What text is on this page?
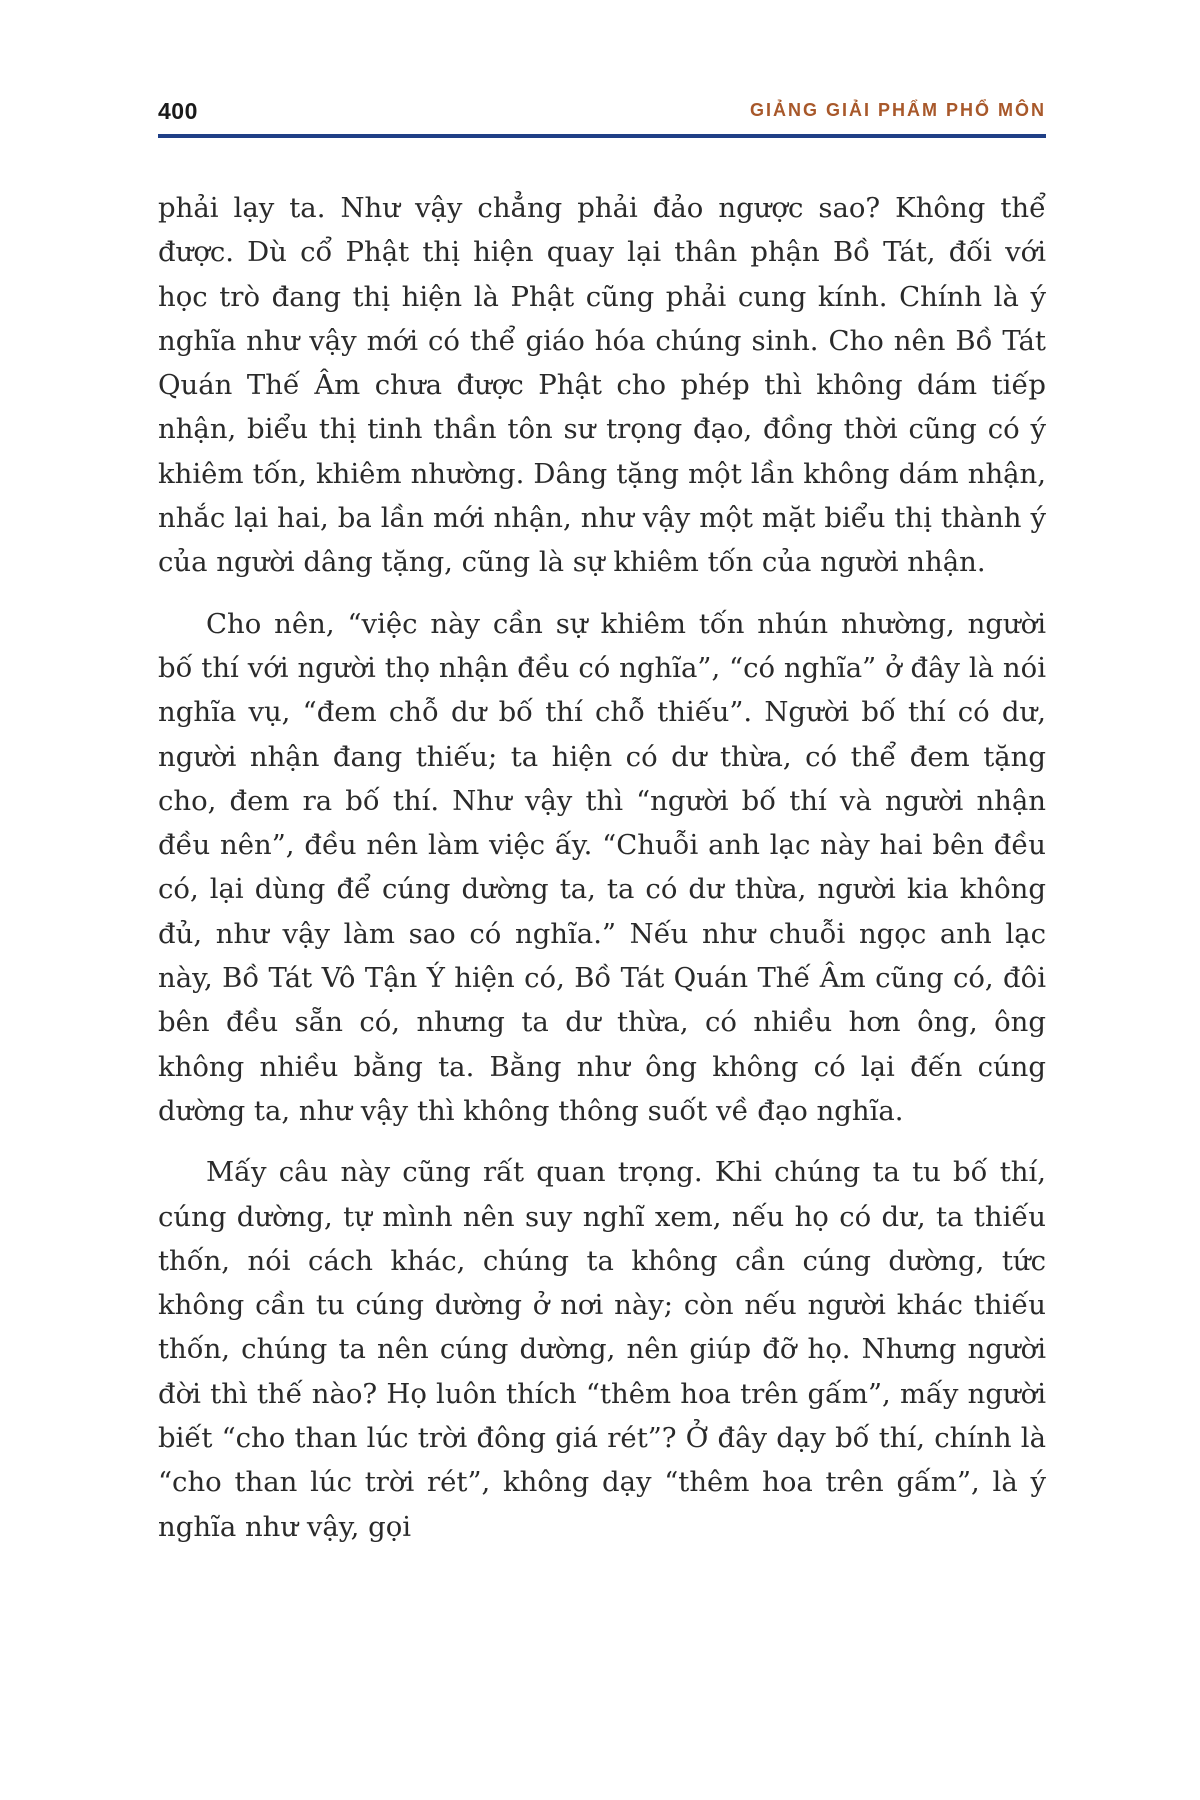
400	GIẢNG GIẢI PHẨM PHỔ MÔN

phải lạy ta. Như vậy chẳng phải đảo ngược sao? Không thể được. Dù cổ Phật thị hiện quay lại thân phận Bồ Tát, đối với học trò đang thị hiện là Phật cũng phải cung kính. Chính là ý nghĩa như vậy mới có thể giáo hóa chúng sinh. Cho nên Bồ Tát Quán Thế Âm chưa được Phật cho phép thì không dám tiếp nhận, biểu thị tinh thần tôn sư trọng đạo, đồng thời cũng có ý khiêm tốn, khiêm nhường. Dâng tặng một lần không dám nhận, nhắc lại hai, ba lần mới nhận, như vậy một mặt biểu thị thành ý của người dâng tặng, cũng là sự khiêm tốn của người nhận.

Cho nên, “việc này cần sự khiêm tốn nhún nhường, người bố thí với người thọ nhận đều có nghĩa”, “có nghĩa” ở đây là nói nghĩa vụ, “đem chỗ dư bố thí chỗ thiếu”. Người bố thí có dư, người nhận đang thiếu; ta hiện có dư thừa, có thể đem tặng cho, đem ra bố thí. Như vậy thì “người bố thí và người nhận đều nên”, đều nên làm việc ấy. “Chuỗi anh lạc này hai bên đều có, lại dùng để cúng dường ta, ta có dư thừa, người kia không đủ, như vậy làm sao có nghĩa.” Nếu như chuỗi ngọc anh lạc này, Bồ Tát Vô Tận Ý hiện có, Bồ Tát Quán Thế Âm cũng có, đôi bên đều sẵn có, nhưng ta dư thừa, có nhiều hơn ông, ông không nhiều bằng ta. Bằng như ông không có lại đến cúng dường ta, như vậy thì không thông suốt về đạo nghĩa.

Mấy câu này cũng rất quan trọng. Khi chúng ta tu bố thí, cúng dường, tự mình nên suy nghĩ xem, nếu họ có dư, ta thiếu thốn, nói cách khác, chúng ta không cần cúng dường, tức không cần tu cúng dường ở nơi này; còn nếu người khác thiếu thốn, chúng ta nên cúng dường, nên giúp đỡ họ. Nhưng người đời thì thế nào? Họ luôn thích “thêm hoa trên gấm”, mấy người biết “cho than lúc trời đông giá rét”? Ở đây dạy bố thí, chính là “cho than lúc trời rét”, không dạy “thêm hoa trên gấm”, là ý nghĩa như vậy, gọi
